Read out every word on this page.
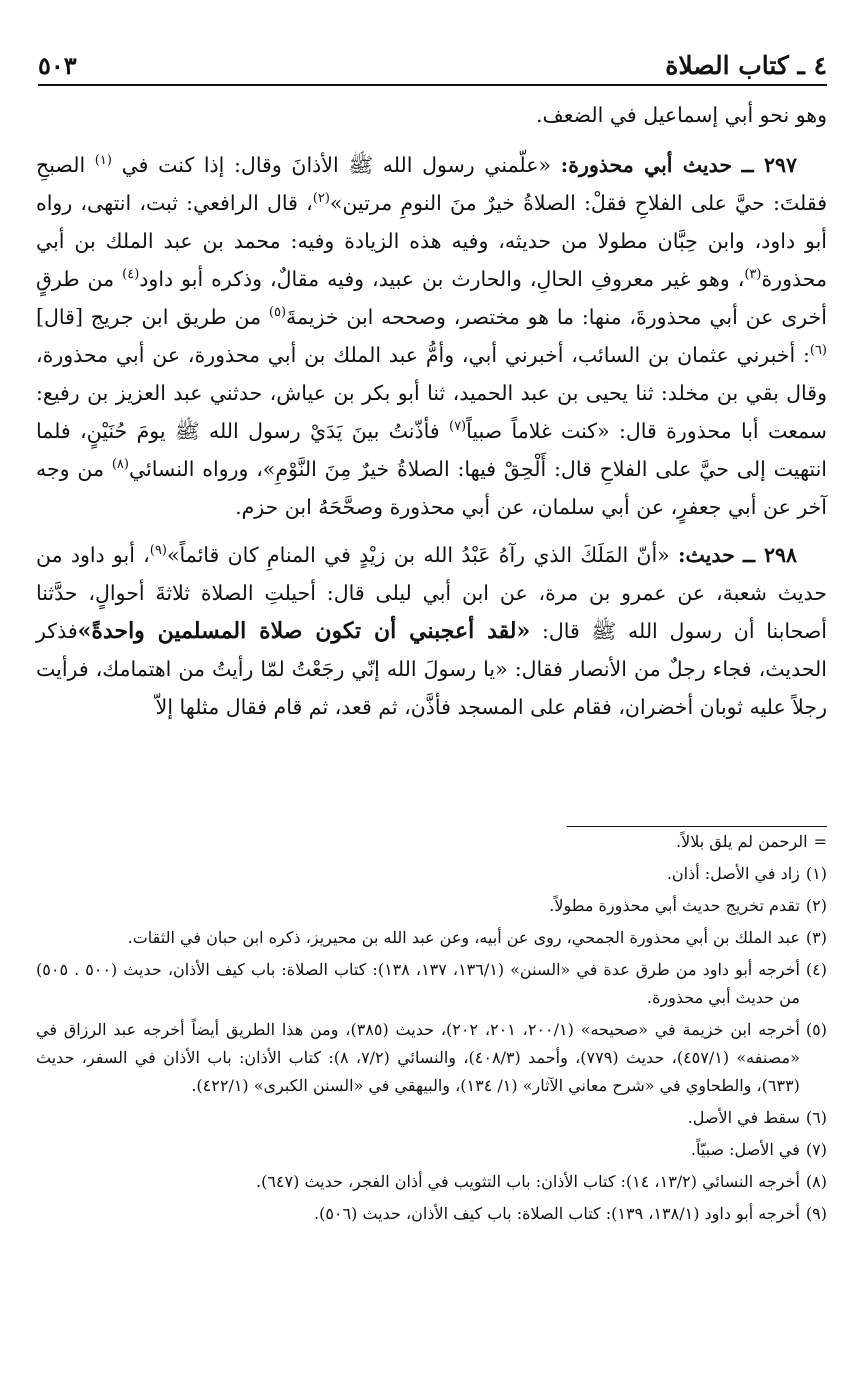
٤ ـ كتاب الصلاة
٥٠٣

وهو نحو أبي إسماعيل في الضعف.

٢٩٧ ــ حديث أبي محذورة: «علّمني رسول الله ﷺ الأذانَ وقال: إذا كنت في $^{(١)}$ الصبحِ فقلتَ: حيَّ على الفلاحِ فقلْ: الصلاةُ خيرٌ منَ النومِ مرتين»$^{(٢)}$، قال الرافعي: ثبت، انتهى، رواه أبو داود، وابن حِبَّان مطولا من حديثه، وفيه هذه الزيادة وفيه: محمد بن عبد الملك بن أبي محذورة$^{(٣)}$، وهو غير معروفِ الحالِ، والحارث بن عبيد، وفيه مقالٌ، وذكره أبو داود$^{(٤)}$ من طرقٍ أخرى عن أبي محذورةَ، منها: ما هو مختصر، وصححه ابن خزيمةَ$^{(٥)}$ من طريق ابن جريج [قال]$^{(٦)}$: أخبرني عثمان بن السائب، أخبرني أبي، وأمُّ عبد الملك بن أبي محذورة، عن أبي محذورة، وقال بقي بن مخلد: ثنا يحيى بن عبد الحميد، ثنا أبو بكر بن عياش، حدثني عبد العزيز بن رفيع: سمعت أبا محذورة قال: «كنت غلاماً صبياً$^{(٧)}$ فأذّنتُ بينَ يَدَيْ رسول الله ﷺ يومَ حُنَيْنٍ، فلما انتهيت إلى حيَّ على الفلاحِ قال: أَلْحِقْ فيها: الصلاةُ خيرٌ مِنَ النَّوْمِ»، ورواه النسائي$^{(٨)}$ من وجه آخر عن أبي جعفرٍ، عن أبي سلمان، عن أبي محذورة وصحَّحَهُ ابن حزم.

٢٩٨ ــ حديث: «أنّ المَلَكَ الذي رآهُ عَبْدُ الله بن زيْدٍ في المنامِ كان قائماً»$^{(٩)}$، أبو داود من حديث شعبة، عن عمرو بن مرة، عن ابن أبي ليلى قال: أحيلتِ الصلاة ثلاثةَ أحوالٍ، حدَّثنا أصحابنا أن رسول الله ﷺ قال: «لقد أعجبني أن تكون صلاة المسلمين واحدةً»فذكر الحديث، فجاء رجلٌ من الأنصار فقال: «يا رسولَ الله إنّي رجَعْتُ لمّا رأيتُ من اهتمامك، فرأيت رجلاً عليه ثوبان أخضران، فقام على المسجد فأذَّن، ثم قعد، ثم قام فقال مثلها إلاّ

=
الرحمن لم يلق بلالاً.
(١)
زاد في الأصل: أذان.
(٢)
تقدم تخريج حديث أبي محذورة مطولاً.
(٣)
عبد الملك بن أبي محذورة الجمحي، روى عن أبيه، وعن عبد الله بن محيريز، ذكره ابن حبان في الثقات.
(٤)
أخرجه أبو داود من طرق عدة في «السنن» (١٣٦/١، ١٣٧، ١٣٨): كتاب الصلاة: باب كيف الأذان، حديث (٥٠٠ . ٥٠٥) من حديث أبي محذورة.
(٥)
أخرجه ابن خزيمة في «صحيحه» (٢٠٠/١، ٢٠١، ٢٠٢)، حديث (٣٨٥)، ومن هذا الطريق أيضاً أخرجه عبد الرزاق في «مصنفه» (٤٥٧/١)، حديث (٧٧٩)، وأحمد (٤٠٨/٣)، والنسائي (٧/٢، ٨): كتاب الأذان: باب الأذان في السفر، حديث (٦٣٣)، والطحاوي في «شرح معاني الآثار» (١/ ١٣٤)، والبيهقي في «السنن الكبرى» (٤٢٢/١).
(٦)
سقط في الأصل.
(٧)
في الأصل: صبيّاً.
(٨)
أخرجه النسائي (١٣/٢، ١٤): كتاب الأذان: باب التثويب في أذان الفجر، حديث (٦٤٧).
(٩)
أخرجه أبو داود (١٣٨/١، ١٣٩): كتاب الصلاة: باب كيف الأذان، حديث (٥٠٦).
